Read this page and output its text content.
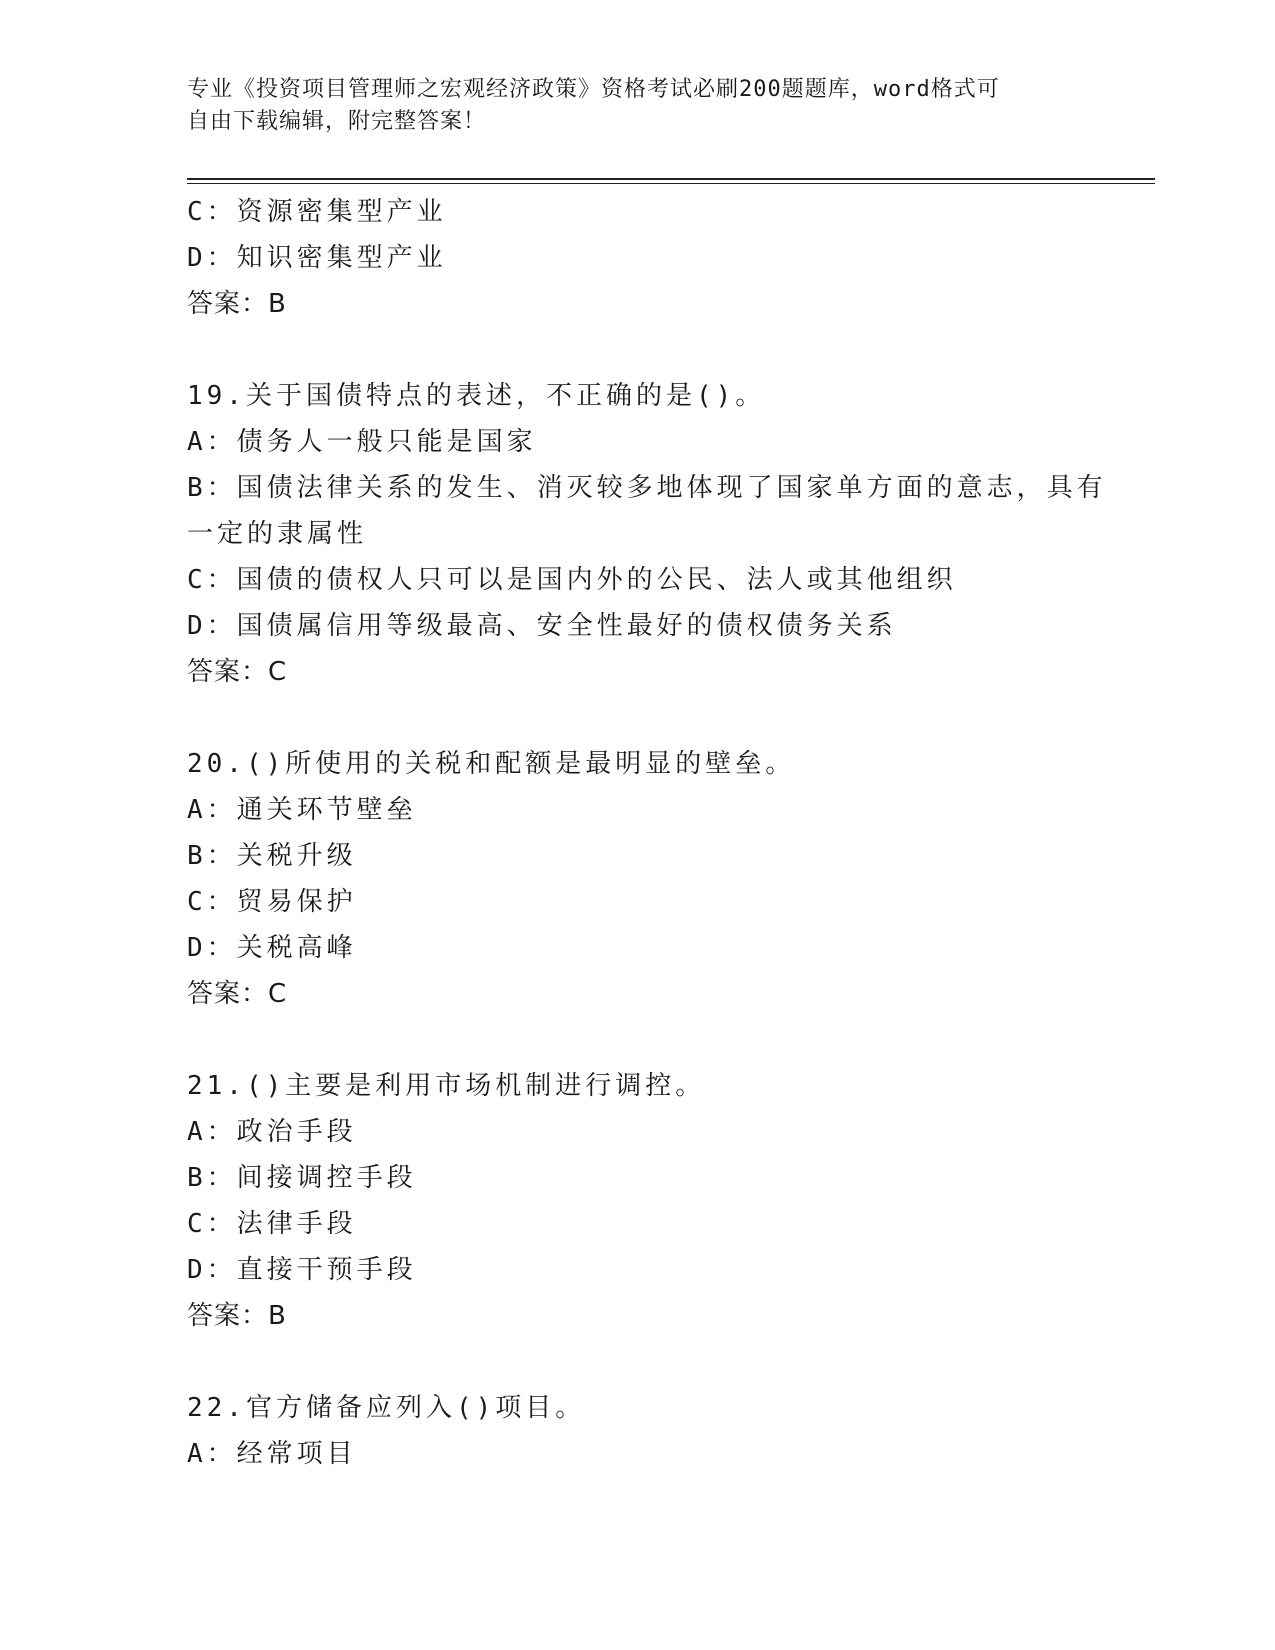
专业《投资项目管理师之宏观经济政策》资格考试必刷200题题库，word格式可
自由下载编辑，附完整答案！
C：资源密集型产业
D：知识密集型产业
答案：B
19.关于国债特点的表述，不正确的是()。
A：债务人一般只能是国家
B：国债法律关系的发生、消灭较多地体现了国家单方面的意志，具有
一定的隶属性
C：国债的债权人只可以是国内外的公民、法人或其他组织
D：国债属信用等级最高、安全性最好的债权债务关系
答案：C
20.()所使用的关税和配额是最明显的壁垒。
A：通关环节壁垒
B：关税升级
C：贸易保护
D：关税高峰
答案：C
21.()主要是利用市场机制进行调控。
A：政治手段
B：间接调控手段
C：法律手段
D：直接干预手段
答案：B
22.官方储备应列入()项目。
A：经常项目
